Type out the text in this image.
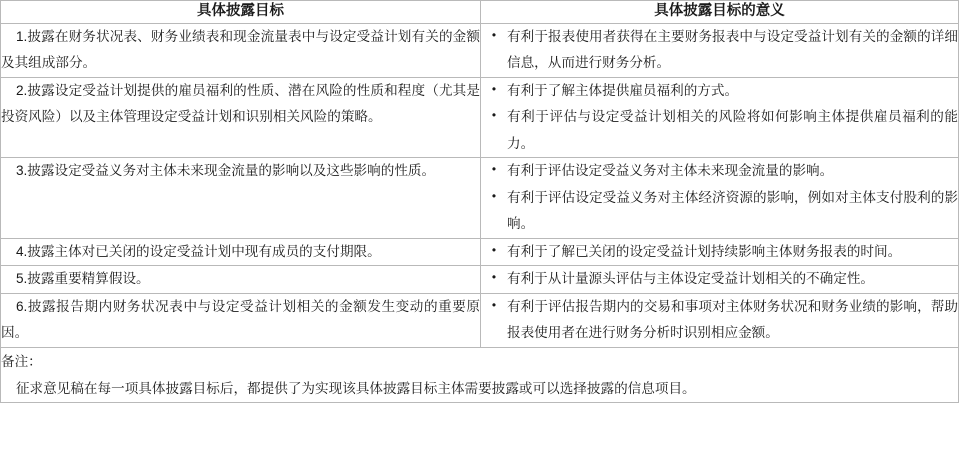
具体披露目标	具体披露目标的意义

1.披露在财务状况表、财务业绩表和现金流量表中与设定受益计划有关的金额及其组成部分。	• 有利于报表使用者获得在主要财务报表中与设定受益计划有关的金额的详细信息，从而进行财务分析。

2.披露设定受益计划提供的雇员福利的性质、潜在风险的性质和程度（尤其是投资风险）以及主体管理设定受益计划和识别相关风险的策略。	• 有利于了解主体提供雇员福利的方式。
• 有利于评估与设定受益计划相关的风险将如何影响主体提供雇员福利的能力。

3.披露设定受益义务对主体未来现金流量的影响以及这些影响的性质。	• 有利于评估设定受益义务对主体未来现金流量的影响。
• 有利于评估设定受益义务对主体经济资源的影响，例如对主体支付股利的影响。

4.披露主体对已关闭的设定受益计划中现有成员的支付期限。	• 有利于了解已关闭的设定受益计划持续影响主体财务报表的时间。

5.披露重要精算假设。	• 有利于从计量源头评估与主体设定受益计划相关的不确定性。

6.披露报告期内财务状况表中与设定受益计划相关的金额发生变动的重要原因。	• 有利于评估报告期内的交易和事项对主体财务状况和财务业绩的影响，帮助报表使用者在进行财务分析时识别相应金额。

备注：

征求意见稿在每一项具体披露目标后，都提供了为实现该具体披露目标主体需要披露或可以选择披露的信息项目。	
